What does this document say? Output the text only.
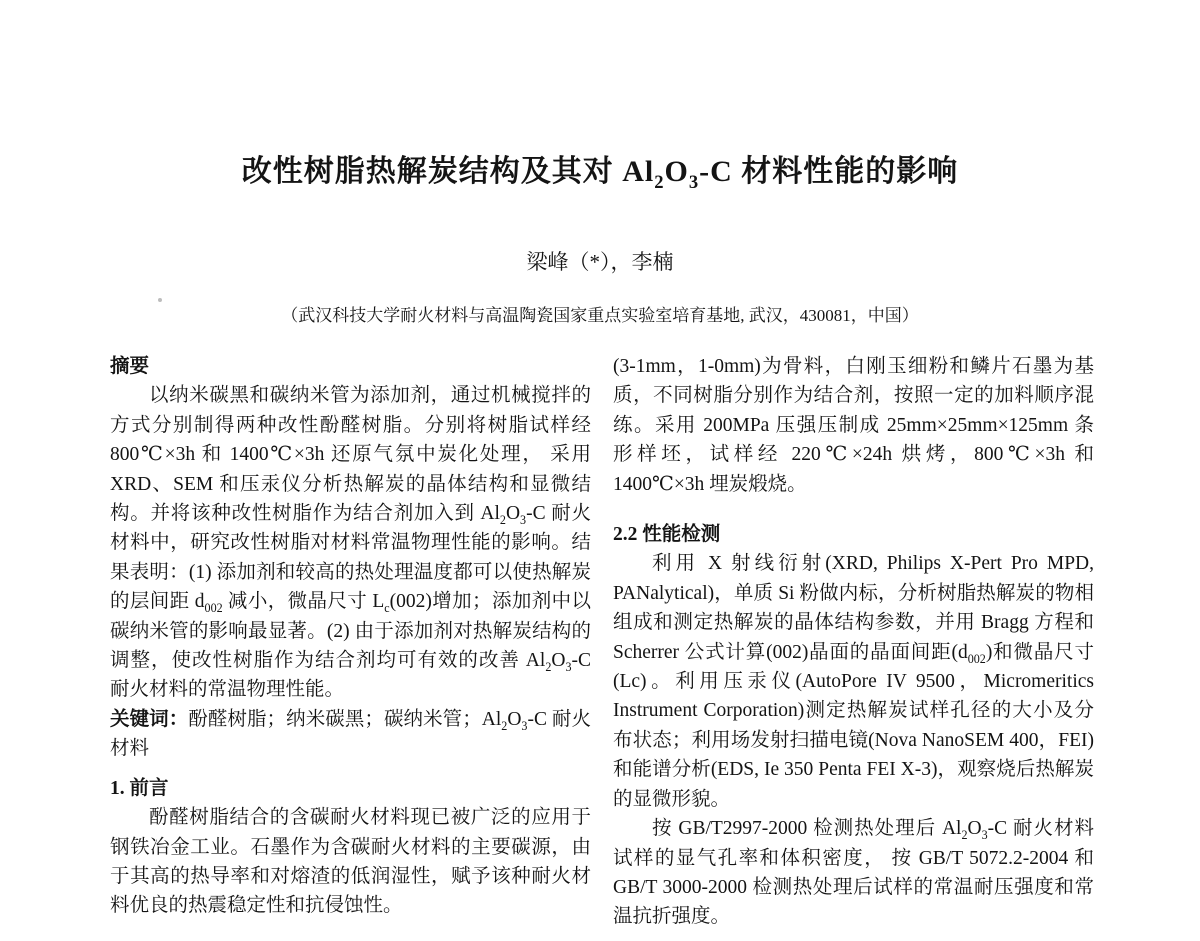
改性树脂热解炭结构及其对 $Al_2O_3-C$ 材料性能的影响

梁峰（*），李楠

（武汉科技大学耐火材料与高温陶瓷国家重点实验室培育基地, 武汉，430081，中国）

摘要

以纳米碳黑和碳纳米管为添加剂，通过机械搅拌的方式分别制得两种改性酚醛树脂。分别将树脂试样经 800℃×3h 和 1400℃×3h 还原气氛中炭化处理， 采用 XRD、SEM 和压汞仪分析热解炭的晶体结构和显微结构。并将该种改性树脂作为结合剂加入到 $Al_2O_3-C$ 耐火材料中，研究改性树脂对材料常温物理性能的影响。结果表明：(1) 添加剂和较高的热处理温度都可以使热解炭的层间距 $d_{002}$ 减小，微晶尺寸 $L_c(002)$增加；添加剂中以碳纳米管的影响最显著。(2) 由于添加剂对热解炭结构的调整，使改性树脂作为结合剂均可有效的改善 $Al_2O_3-C$ 耐火材料的常温物理性能。

关键词：酚醛树脂；纳米碳黑；碳纳米管；$Al_2O_3-C$ 耐火材料

1. 前言

酚醛树脂结合的含碳耐火材料现已被广泛的应用于钢铁冶金工业。石墨作为含碳耐火材料的主要碳源，由于其高的热导率和对熔渣的低润湿性，赋予该种耐火材料优良的热震稳定性和抗侵蚀性。

(3-1mm，1-0mm)为骨料，白刚玉细粉和鳞片石墨为基质，不同树脂分别作为结合剂，按照一定的加料顺序混练。采用 200MPa 压强压制成 25mm×25mm×125mm 条形样坯，试样经 220℃×24h 烘烤，800℃×3h 和 1400℃×3h 埋炭煅烧。

2.2 性能检测

利用 X 射线衍射(XRD, Philips X-Pert Pro MPD, PANalytical)，单质 Si 粉做内标，分析树脂热解炭的物相组成和测定热解炭的晶体结构参数，并用 Bragg 方程和 Scherrer 公式计算(002)晶面的晶面间距$(d_{002})$和微晶尺寸(Lc)。利用压汞仪(AutoPore IV 9500，Micromeritics Instrument Corporation)测定热解炭试样孔径的大小及分布状态；利用场发射扫描电镜(Nova NanoSEM 400，FEI)和能谱分析(EDS, Ie 350 Penta FEI X-3)，观察烧后热解炭的显微形貌。

按 GB/T2997-2000 检测热处理后 $Al_2O_3-C$ 耐火材料试样的显气孔率和体积密度， 按 GB/T 5072.2-2004 和 GB/T 3000-2000 检测热处理后试样的常温耐压强度和常温抗折强度。
